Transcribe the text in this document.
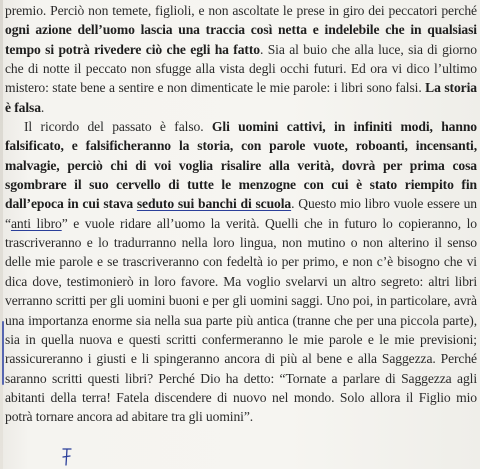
premio. Perciò non temete, figlioli, e non ascoltate le prese in giro dei peccatori perché ogni azione dell’uomo lascia una traccia così netta e indelebile che in qualsiasi tempo si potrà rivedere ciò che egli ha fatto. Sia al buio che alla luce, sia di giorno che di notte il peccato non sfugge alla vista degli occhi futuri. Ed ora vi dico l’ultimo mistero: state bene a sentire e non dimenticate le mie parole: i libri sono falsi. La storia è falsa.

Il ricordo del passato è falso. Gli uomini cattivi, in infiniti modi, hanno falsificato, e falsificheranno la storia, con parole vuote, roboanti, incensanti, malvagie, perciò chi di voi voglia risalire alla verità, dovrà per prima cosa sgombrare il suo cervello di tutte le menzogne con cui è stato riempito fin dall’epoca in cui stava seduto sui banchi di scuola. Questo mio libro vuole essere un “anti libro” e vuole ridare all’uomo la verità. Quelli che in futuro lo copieranno, lo trascriveranno e lo tradurranno nella loro lingua, non mutino o non alterino il senso delle mie parole e se trascriveranno con fedeltà io per primo, e non c’è bisogno che vi dica dove, testimonierò in loro favore. Ma voglio svelarvi un altro segreto: altri libri verranno scritti per gli uomini buoni e per gli uomini saggi. Uno poi, in particolare, avrà una importanza enorme sia nella sua parte più antica (tranne che per una piccola parte), sia in quella nuova e questi scritti confermeranno le mie parole e le mie previsioni; rassicureranno i giusti e li spingeranno ancora di più al bene e alla Saggezza. Perché saranno scritti questi libri? Perché Dio ha detto: “Tornate a parlare di Saggezza agli abitanti della terra! Fatela discendere di nuovo nel mondo. Solo allora il Figlio mio potrà tornare ancora ad abitare tra gli uomini”.
